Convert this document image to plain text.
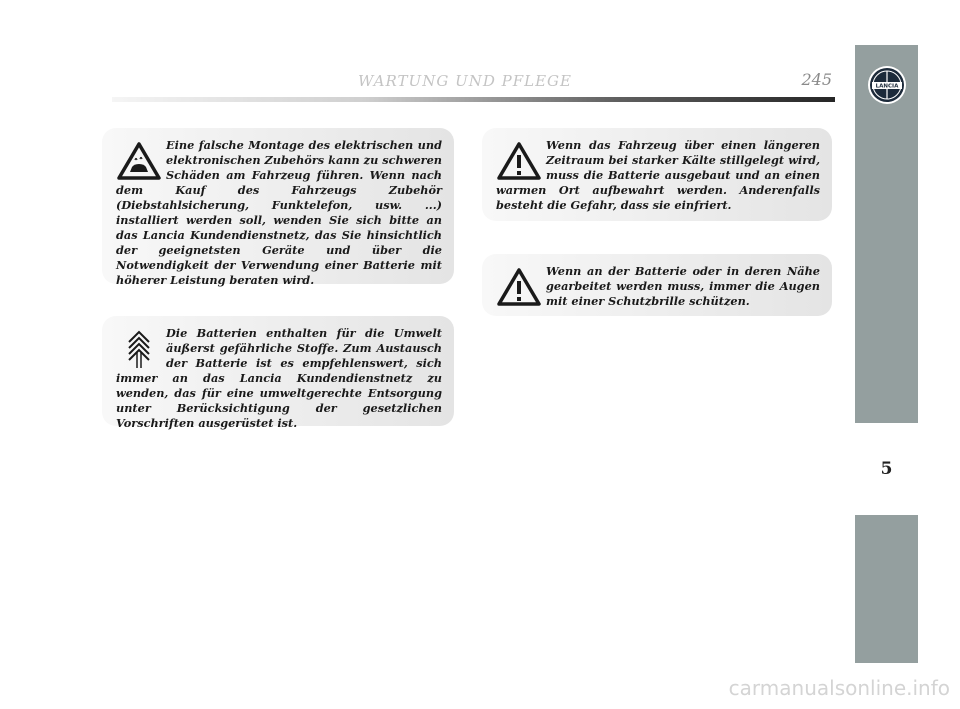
WARTUNG UND PFLEGE	245
5
LANCIA
Eine falsche Montage des elektrischen und elektronischen Zubehörs kann zu schweren Schäden am Fahrzeug führen. Wenn nach dem Kauf des Fahrzeugs Zubehör (Diebstahlsicherung, Funktelefon, usw. ...) installiert werden soll, wenden Sie sich bitte an das Lancia Kundendienstnetz, das Sie hinsichtlich der geeignetsten Geräte und über die Notwendigkeit der Verwendung einer Batterie mit höherer Leistung beraten wird.
Die Batterien enthalten für die Umwelt äußerst gefährliche Stoffe. Zum Austausch der Batterie ist es empfehlenswert, sich immer an das Lancia Kundendienstnetz zu wenden, das für eine umweltgerechte Entsorgung unter Berücksichtigung der gesetzlichen Vorschriften ausgerüstet ist.
Wenn das Fahrzeug über einen längeren Zeitraum bei starker Kälte stillgelegt wird, muss die Batterie ausgebaut und an einen warmen Ort aufbewahrt werden. Anderenfalls besteht die Gefahr, dass sie einfriert.
Wenn an der Batterie oder in deren Nähe gearbeitet werden muss, immer die Augen mit einer Schutzbrille schützen.
carmanualsonline.info
